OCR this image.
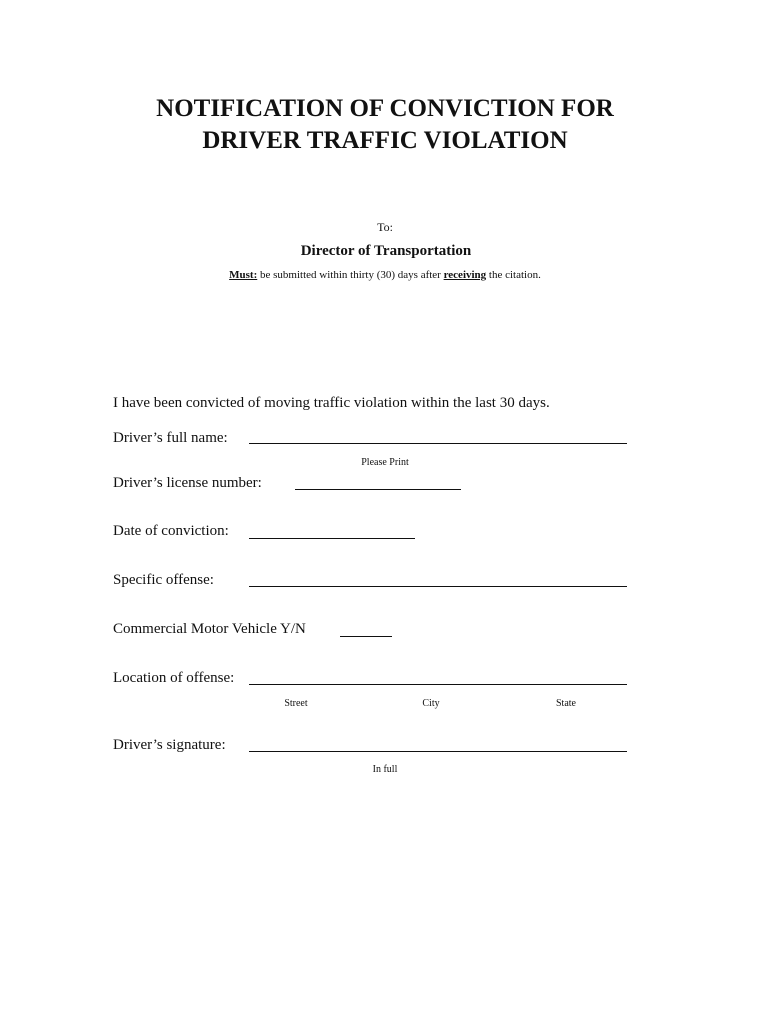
NOTIFICATION OF CONVICTION FOR
DRIVER TRAFFIC VIOLATION
To:
Director of Transportation
Must: be submitted within thirty (30) days after receiving the citation.
I have been convicted of moving traffic violation within the last 30 days.
Driver’s full name:
Please Print
Driver’s license number:
Date of conviction:
Specific offense:
Commercial Motor Vehicle Y/N
Location of offense:
Street	City	State
Driver’s signature:
In full
